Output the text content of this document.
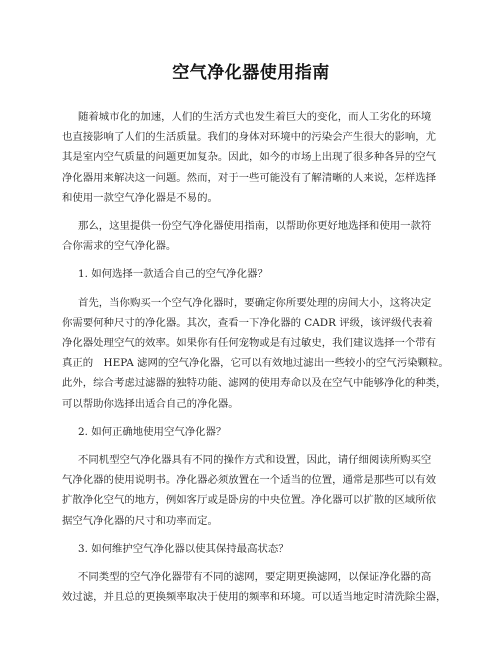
空气净化器使用指南
随着城市化的加速，人们的生活方式也发生着巨大的变化，而人工劣化的环境
也直接影响了人们的生活质量。我们的身体对环境中的污染会产生很大的影响，尤
其是室内空气质量的问题更加复杂。因此，如今的市场上出现了很多种各异的空气
净化器用来解决这一问题。然而，对于一些可能没有了解清晰的人来说，怎样选择
和使用一款空气净化器是不易的。
那么，这里提供一份空气净化器使用指南，以帮助你更好地选择和使用一款符
合你需求的空气净化器。
1. 如何选择一款适合自己的空气净化器？
首先，当你购买一个空气净化器时，要确定你所要处理的房间大小，这将决定
你需要何种尺寸的净化器。其次，查看一下净化器的 CADR 评级，该评级代表着
净化器处理空气的效率。如果你有任何宠物或是有过敏史，我们建议选择一个带有
真正的　HEPA 滤网的空气净化器，它可以有效地过滤出一些较小的空气污染颗粒。
此外，综合考虑过滤器的独特功能、滤网的使用寿命以及在空气中能够净化的种类，
可以帮助你选择出适合自己的净化器。
2. 如何正确地使用空气净化器？
不同机型空气净化器具有不同的操作方式和设置，因此，请仔细阅读所购买空
气净化器的使用说明书。净化器必须放置在一个适当的位置，通常是那些可以有效
扩散净化空气的地方，例如客厅或是卧房的中央位置。净化器可以扩散的区域所依
据空气净化器的尺寸和功率而定。
3. 如何维护空气净化器以使其保持最高状态？
不同类型的空气净化器带有不同的滤网，要定期更换滤网，以保证净化器的高
效过滤，并且总的更换频率取决于使用的频率和环境。可以适当地定时清洗除尘器，
